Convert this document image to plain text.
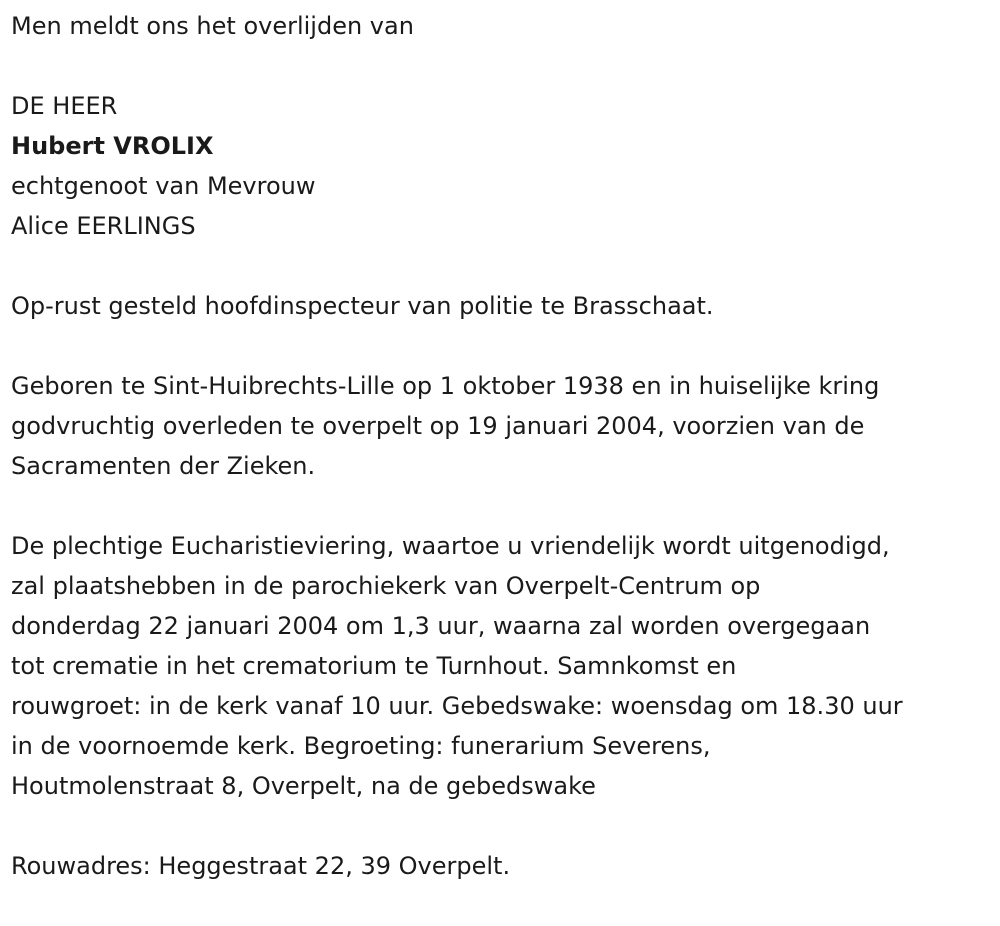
Men meldt ons het overlijden van

DE HEER

Hubert VROLIX

echtgenoot van Mevrouw

Alice EERLINGS

Op-rust gesteld hoofdinspecteur van politie te Brasschaat.

Geboren te Sint-Huibrechts-Lille op 1 oktober 1938 en in huiselijke kring

godvruchtig overleden te overpelt op 19 januari 2004, voorzien van de

Sacramenten der Zieken.

De plechtige Eucharistieviering, waartoe u vriendelijk wordt uitgenodigd,

zal plaatshebben in de parochiekerk van Overpelt-Centrum op

donderdag 22 januari 2004 om 1,3 uur, waarna zal worden overgegaan

tot crematie in het crematorium te Turnhout. Samnkomst en

rouwgroet: in de kerk vanaf 10 uur. Gebedswake: woensdag om 18.30 uur

in de voornoemde kerk. Begroeting: funerarium Severens,

Houtmolenstraat 8, Overpelt, na de gebedswake

Rouwadres: Heggestraat 22, 39 Overpelt.
